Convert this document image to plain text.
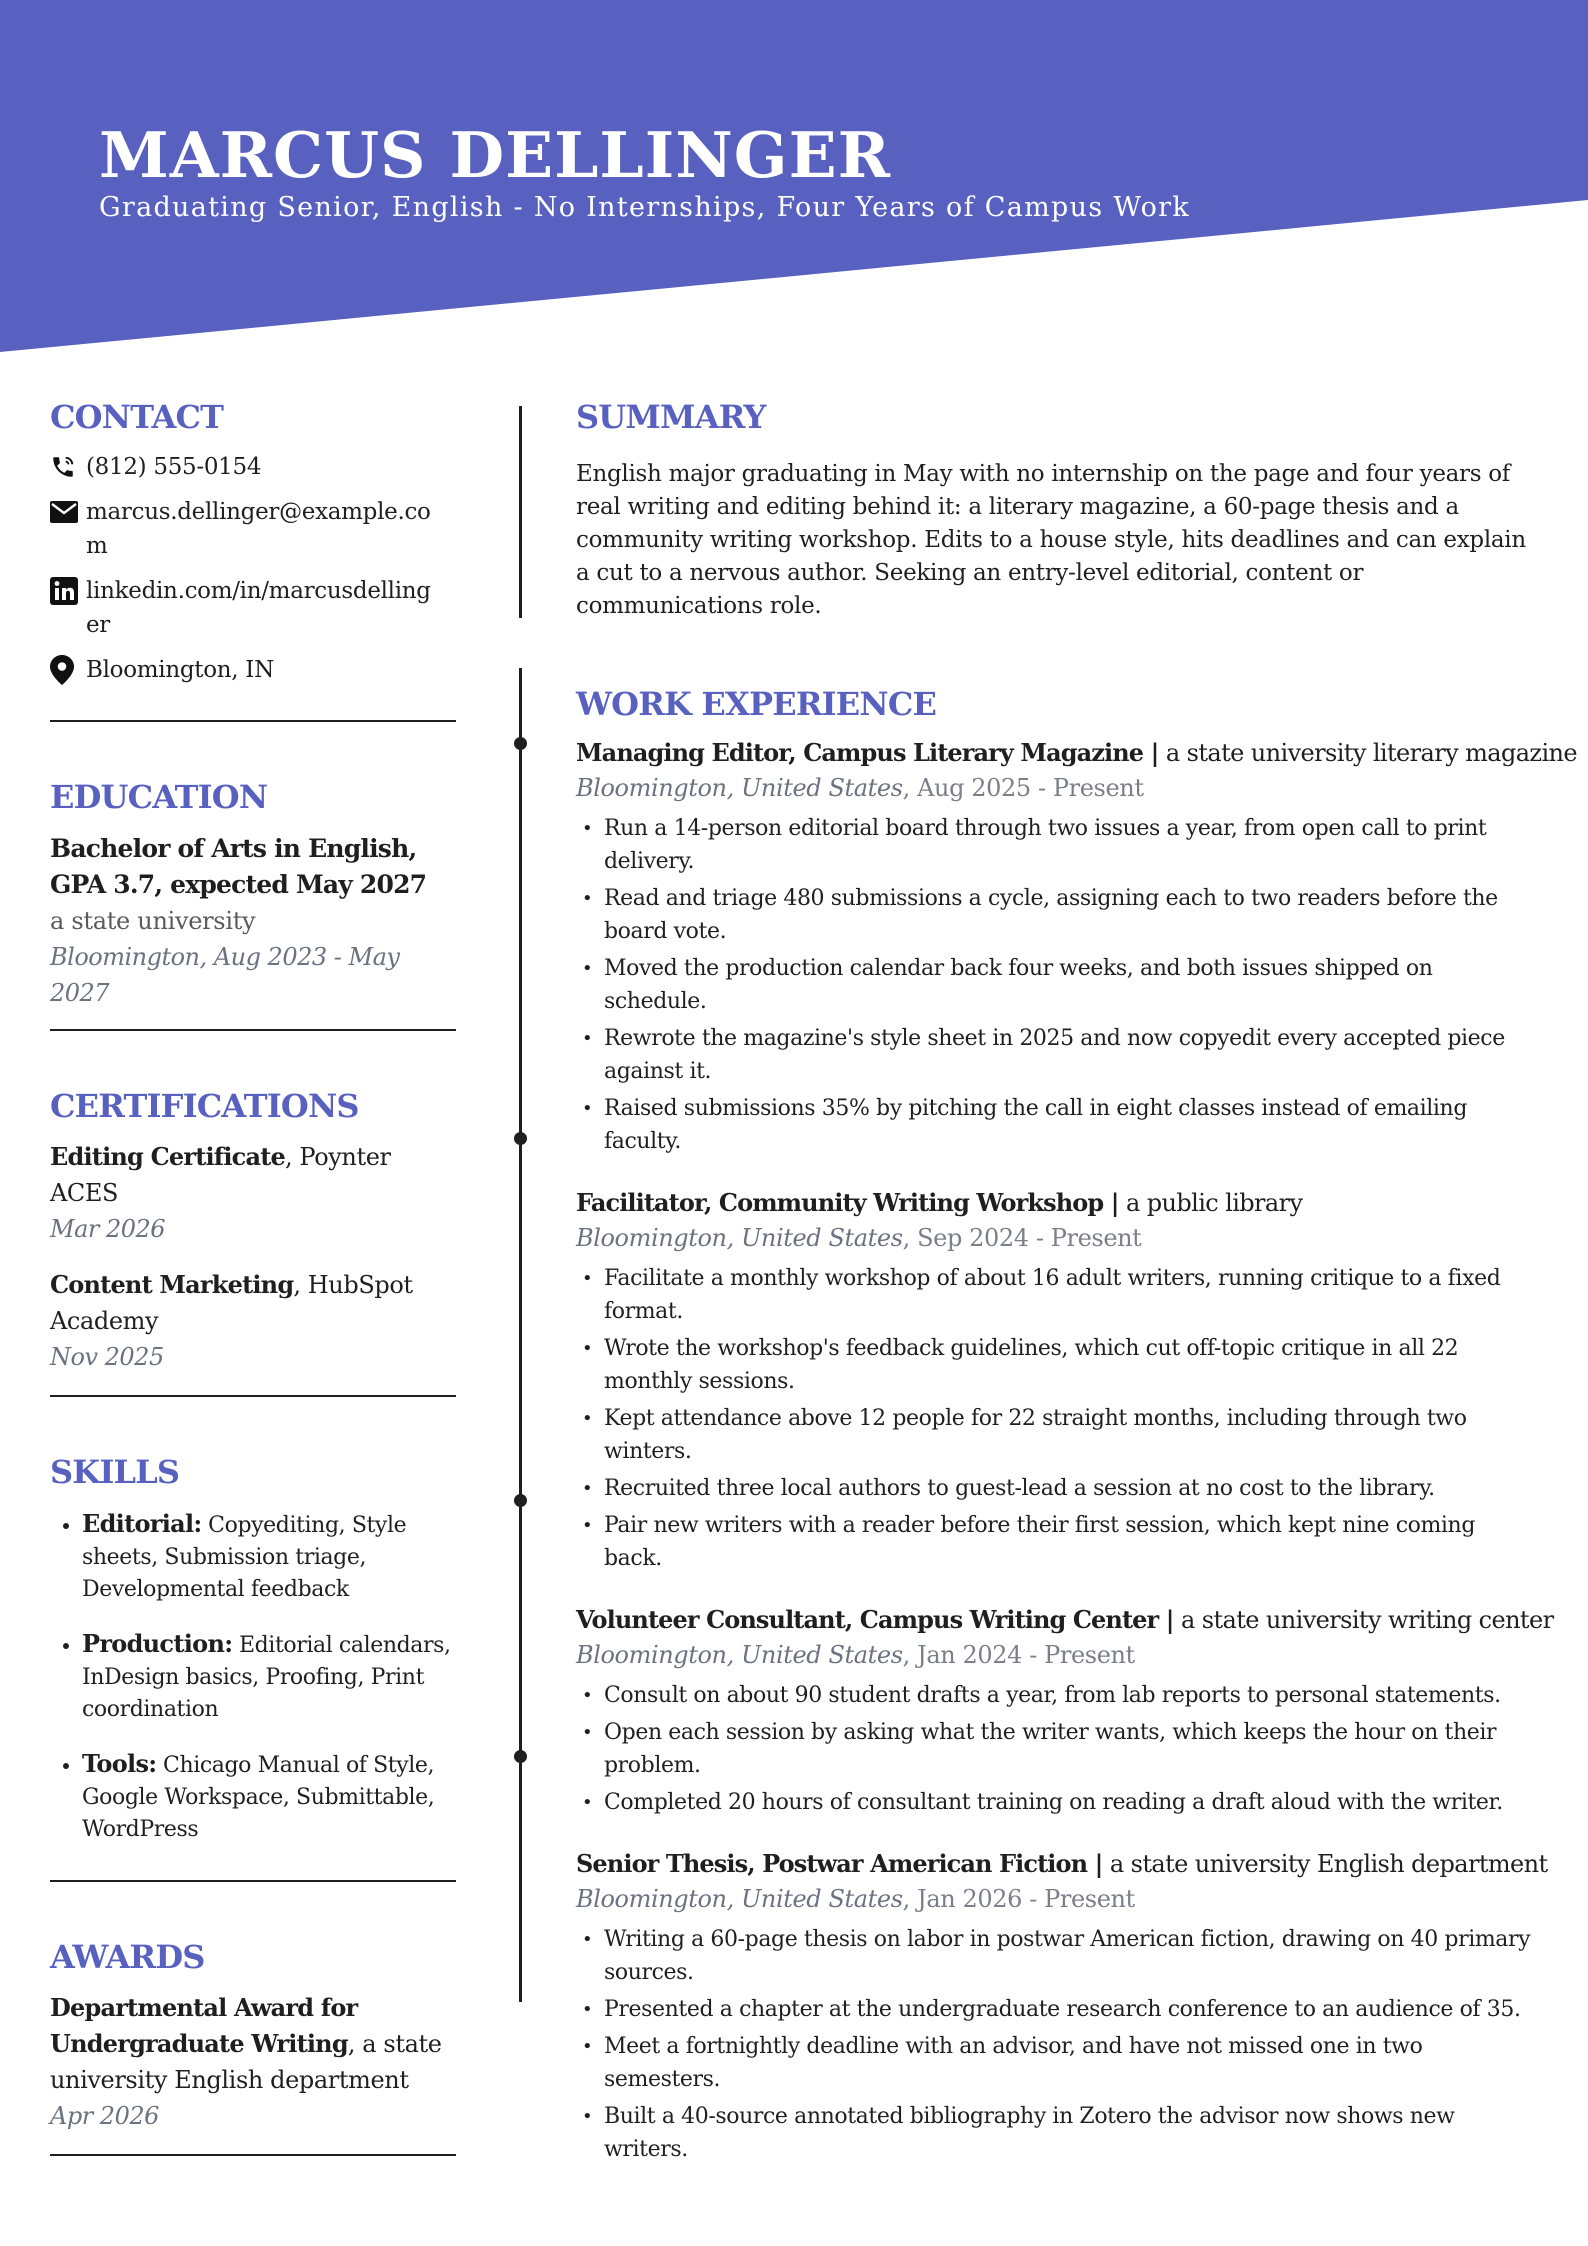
MARCUS DELLINGER
Graduating Senior, English - No Internships, Four Years of Campus Work
CONTACT
(812) 555-0154
marcus.dellinger@example.com
linkedin.com/in/marcusdellinger
Bloomington, IN
EDUCATION
Bachelor of Arts in English, GPA 3.7, expected May 2027
a state university
Bloomington, Aug 2023 - May 2027
CERTIFICATIONS
Editing Certificate, Poynter ACES
Mar 2026
Content Marketing, HubSpot Academy
Nov 2025
SKILLS
• Editorial: Copyediting, Style sheets, Submission triage, Developmental feedback
• Production: Editorial calendars, InDesign basics, Proofing, Print coordination
• Tools: Chicago Manual of Style, Google Workspace, Submittable, WordPress
AWARDS
Departmental Award for Undergraduate Writing, a state university English department
Apr 2026
SUMMARY

English major graduating in May with no internship on the page and four years of real writing and editing behind it: a literary magazine, a 60-page thesis and a community writing workshop. Edits to a house style, hits deadlines and can explain a cut to a nervous author. Seeking an entry-level editorial, content or communications role.

WORK EXPERIENCE
Managing Editor, Campus Literary Magazine | a state university literary magazine
Bloomington, United States, Aug 2025 - Present
• Run a 14-person editorial board through two issues a year, from open call to print delivery.
• Read and triage 480 submissions a cycle, assigning each to two readers before the board vote.
• Moved the production calendar back four weeks, and both issues shipped on schedule.
• Rewrote the magazine's style sheet in 2025 and now copyedit every accepted piece against it.
• Raised submissions 35% by pitching the call in eight classes instead of emailing faculty.
Facilitator, Community Writing Workshop | a public library
Bloomington, United States, Sep 2024 - Present
• Facilitate a monthly workshop of about 16 adult writers, running critique to a fixed format.
• Wrote the workshop's feedback guidelines, which cut off-topic critique in all 22 monthly sessions.
• Kept attendance above 12 people for 22 straight months, including through two winters.
• Recruited three local authors to guest-lead a session at no cost to the library.
• Pair new writers with a reader before their first session, which kept nine coming back.
Volunteer Consultant, Campus Writing Center | a state university writing center
Bloomington, United States, Jan 2024 - Present
• Consult on about 90 student drafts a year, from lab reports to personal statements.
• Open each session by asking what the writer wants, which keeps the hour on their problem.
• Completed 20 hours of consultant training on reading a draft aloud with the writer.
Senior Thesis, Postwar American Fiction | a state university English department
Bloomington, United States, Jan 2026 - Present
• Writing a 60-page thesis on labor in postwar American fiction, drawing on 40 primary sources.
• Presented a chapter at the undergraduate research conference to an audience of 35.
• Meet a fortnightly deadline with an advisor, and have not missed one in two semesters.
• Built a 40-source annotated bibliography in Zotero the advisor now shows new writers.
